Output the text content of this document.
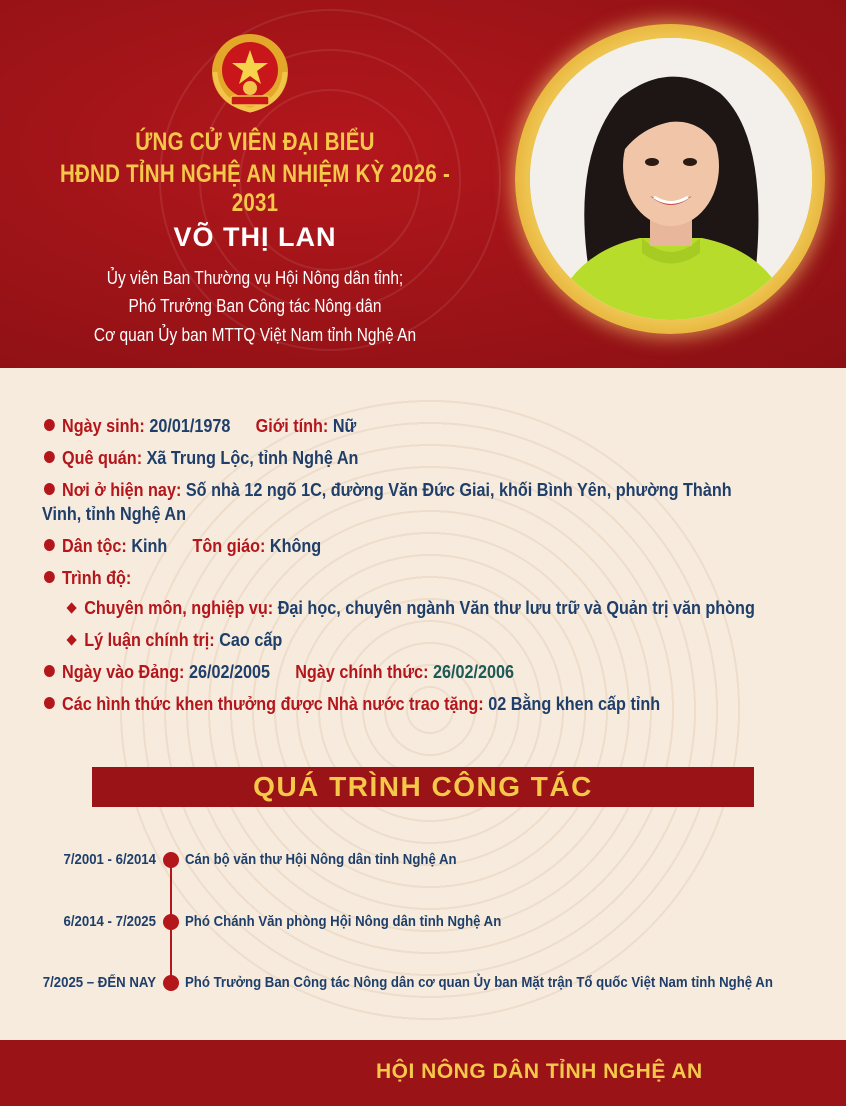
ỨNG CỬ VIÊN ĐẠI BIỂU
HĐND TỈNH NGHỆ AN NHIỆM KỲ 2026 - 2031
VÕ THỊ LAN
Ủy viên Ban Thường vụ Hội Nông dân tỉnh;
Phó Trưởng Ban Công tác Nông dân
Cơ quan Ủy ban MTTQ Việt Nam tỉnh Nghệ An
Ngày sinh: 20/01/1978 Giới tính: Nữ
Quê quán: Xã Trung Lộc, tỉnh Nghệ An
Nơi ở hiện nay: Số nhà 12 ngõ 1C, đường Văn Đức Giai, khối Bình Yên, phường Thành
Vinh, tỉnh Nghệ An
Dân tộc: Kinh Tôn giáo: Không
Trình độ:
Chuyên môn, nghiệp vụ: Đại học, chuyên ngành Văn thư lưu trữ và Quản trị văn phòng
Lý luận chính trị: Cao cấp
Ngày vào Đảng: 26/02/2005 Ngày chính thức: 26/02/2006
Các hình thức khen thưởng được Nhà nước trao tặng: 02 Bằng khen cấp tỉnh
QUÁ TRÌNH CÔNG TÁC
7/2001 - 6/2014 Cán bộ văn thư Hội Nông dân tỉnh Nghệ An
6/2014 - 7/2025 Phó Chánh Văn phòng Hội Nông dân tỉnh Nghệ An
7/2025 – ĐẾN NAY Phó Trưởng Ban Công tác Nông dân cơ quan Ủy ban Mặt trận Tổ quốc Việt Nam tỉnh Nghệ An
HỘI NÔNG DÂN TỈNH NGHỆ AN
